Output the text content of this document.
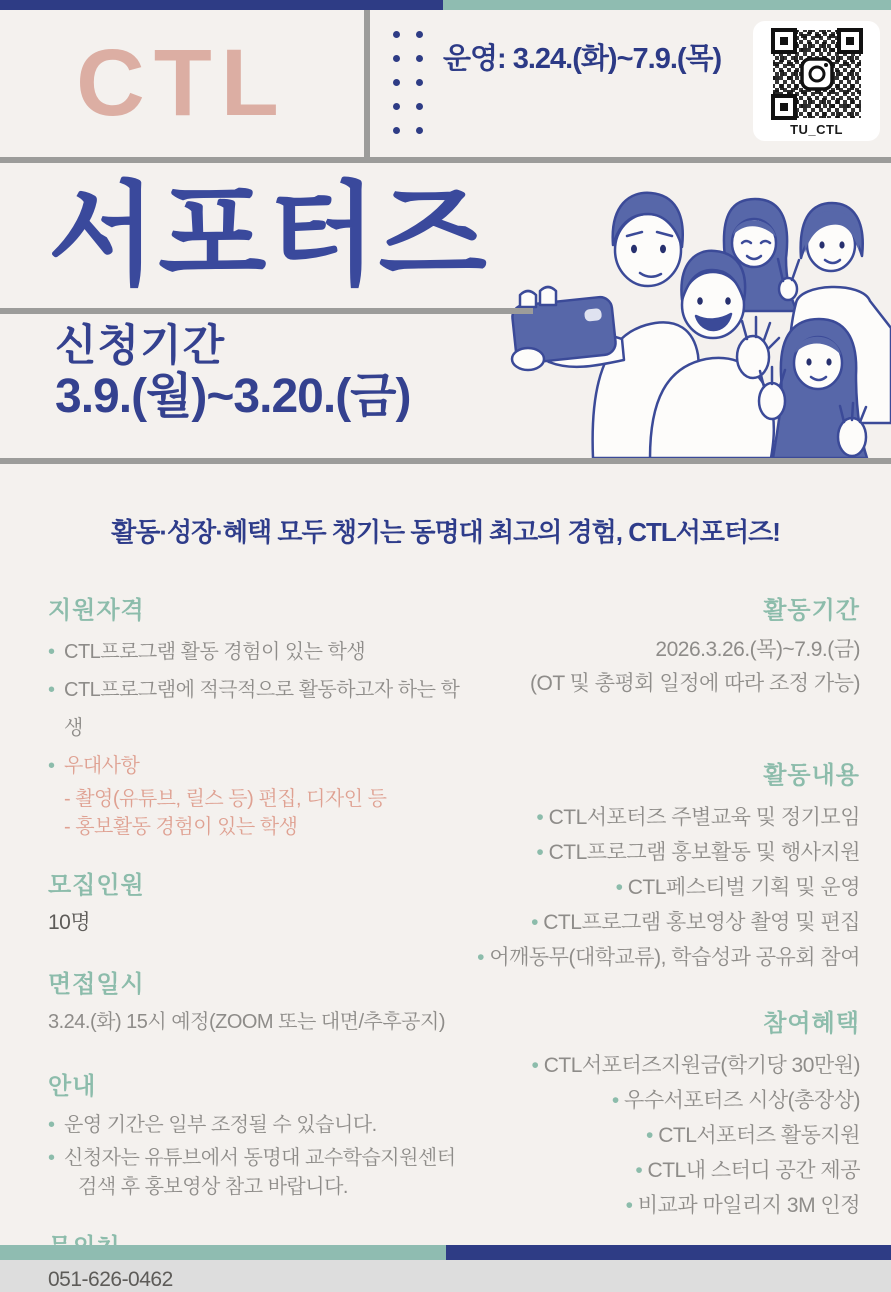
CTL	운영: 3.24.(화)~7.9.(목)
TU_CTL
서포터즈
신청기간
3.9.(월)~3.20.(금)
활동·성장·혜택 모두 챙기는 동명대 최고의 경험, CTL서포터즈!
지원자격
• CTL프로그램 활동 경험이 있는 학생
• CTL프로그램에 적극적으로 활동하고자 하는 학생
• 우대사항
- 촬영(유튜브, 릴스 등) 편집, 디자인 등
- 홍보활동 경험이 있는 학생
모집인원
10명
면접일시
3.24.(화) 15시 예정(ZOOM 또는 대면/추후공지)
안내
• 운영 기간은 일부 조정될 수 있습니다.
• 신청자는 유튜브에서 동명대 교수학습지원센터
검색 후 홍보영상 참고 바랍니다.
051-626-0462
활동기간
2026.3.26.(목)~7.9.(금)
(OT 및 총평회 일정에 따라 조정 가능)
활동내용
• CTL서포터즈 주별교육 및 정기모임
• CTL프로그램 홍보활동 및 행사지원
• CTL페스티벌 기획 및 운영
• CTL프로그램 홍보영상 촬영 및 편집
• 어깨동무(대학교류), 학습성과 공유회 참여
참여혜택
• CTL서포터즈지원금(학기당 30만원)
• 우수서포터즈 시상(총장상)
• CTL서포터즈 활동지원
• CTL내 스터디 공간 제공
• 비교과 마일리지 3M 인정
